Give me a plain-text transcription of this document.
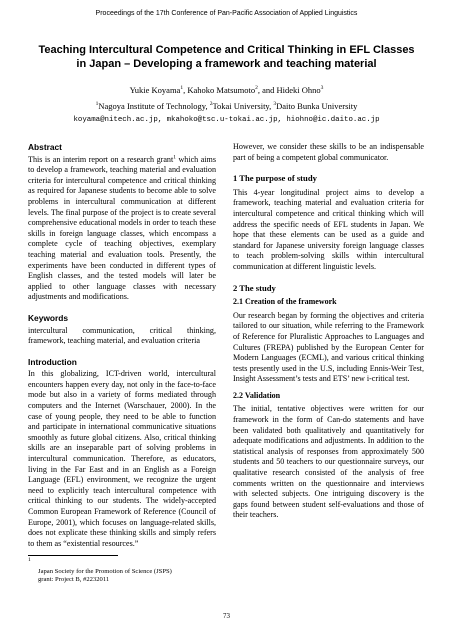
Proceedings of the 17th Conference of Pan-Pacific Association of Applied Linguistics
Teaching Intercultural Competence and Critical Thinking in EFL Classes
in Japan – Developing a framework and teaching material
Yukie Koyama$^1$, Kahoko Matsumoto$^2$, and Hideki Ohno$^3$
$^1$Nagoya Institute of Technology, $^2$Tokai University, $^3$Daito Bunka University
koyama@nitech.ac.jp, mkahoko@tsc.u-tokai.ac.jp, hiohno@ic.daito.ac.jp
Abstract

This is an interim report on a research grant$^1$ which aims to develop a framework, teaching material and evaluation criteria for intercultural competence and critical thinking as required for Japanese students to become able to solve problems in intercultural communication at different levels. The final purpose of the project is to create several comprehensive educational models in order to teach these skills in foreign language classes, which encompass a complete cycle of teaching objectives, exemplary teaching material and evaluation tools. Presently, the experiments have been conducted in different types of English classes, and the tested models will later be applied to other language classes with necessary adjustments and modifications.

Keywords

intercultural communication, critical thinking, framework, teaching material, and evaluation criteria

Introduction

In this globalizing, ICT-driven world, intercultural encounters happen every day, not only in the face-to-face mode but also in a variety of forms mediated through computers and the Internet (Warschauer, 2000). In the case of young people, they need to be able to function and participate in international communicative situations smoothly as future global citizens. Also, critical thinking skills are an inseparable part of solving problems in intercultural communication. Therefore, as educators, living in the Far East and in an English as a Foreign Language (EFL) environment, we recognize the urgent need to explicitly teach intercultural competence with critical thinking to our students. The widely-accepted Common European Framework of Reference (Council of Europe, 2001), which focuses on language-related skills, does not explicate these thinking skills and simply refers to them as “existential resources.”

$^1$
Japan Society for the Promotion of Science (JSPS)
grant: Project B, #2232011

However, we consider these skills to be an indispensable part of being a competent global communicator.

1 The purpose of study

This 4-year longitudinal project aims to develop a framework, teaching material and evaluation criteria for intercultural competence and critical thinking which will address the specific needs of EFL students in Japan. We hope that these elements can be used as a guide and standard for Japanese university foreign language classes to teach problem-solving skills within intercultural communication at different linguistic levels.

2 The study
2.1 Creation of the framework

Our research began by forming the objectives and criteria tailored to our situation, while referring to the Framework of Reference for Pluralistic Approaches to Languages and Cultures (FREPA) published by the European Center for Modern Languages (ECML), and various critical thinking tests presently used in the U.S, including Ennis-Weir Test, Insight Assessment’s tests and ETS’ new i-critical test.

2.2 Validation

The initial, tentative objectives were written for our framework in the form of Can-do statements and have been validated both qualitatively and quantitatively for adequate modifications and adjustments. In addition to the statistical analysis of responses from approximately 500 students and 50 teachers to our questionnaire surveys, our qualitative research consisted of the analysis of free comments written on the questionnaire and interviews with selected subjects. One intriguing discovery is the gaps found between student self-evaluations and those of their teachers.

73
